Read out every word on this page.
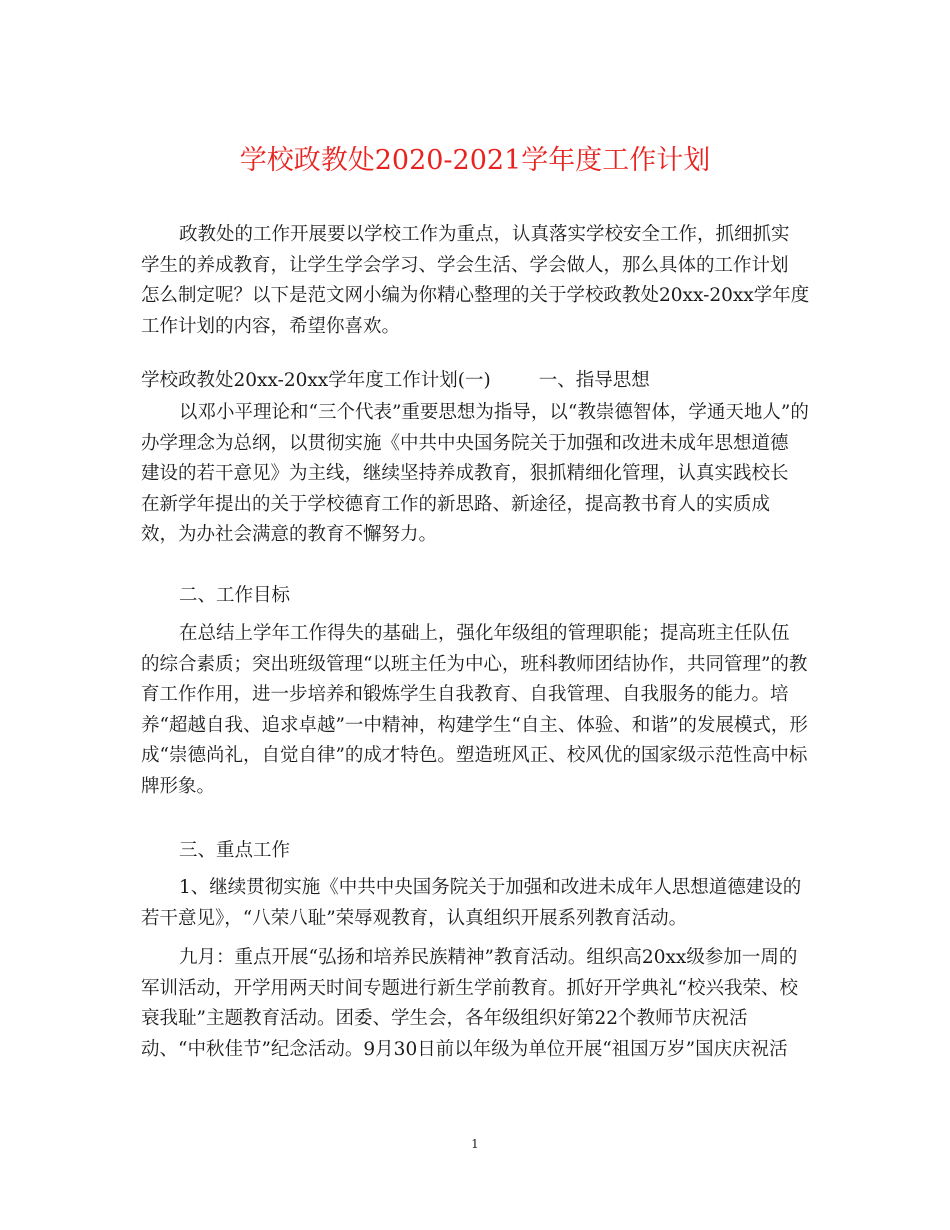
学校政教处2020-2021学年度工作计划
政教处的工作开展要以学校工作为重点，认真落实学校安全工作，抓细抓实
学生的养成教育，让学生学会学习、学会生活、学会做人，那么具体的工作计划
怎么制定呢？以下是范文网小编为你精心整理的关于学校政教处20xx-20xx学年度
工作计划的内容，希望你喜欢。
学校政教处20xx-20xx学年度工作计划(一)	一、指导思想
以邓小平理论和“三个代表”重要思想为指导，以“教崇德智体，学通天地人”的
办学理念为总纲，以贯彻实施《中共中央国务院关于加强和改进未成年思想道德
建设的若干意见》为主线，继续坚持养成教育，狠抓精细化管理，认真实践校长
在新学年提出的关于学校德育工作的新思路、新途径，提高教书育人的实质成
效，为办社会满意的教育不懈努力。
二、工作目标
在总结上学年工作得失的基础上，强化年级组的管理职能；提高班主任队伍
的综合素质；突出班级管理“以班主任为中心，班科教师团结协作，共同管理”的教
育工作作用，进一步培养和锻炼学生自我教育、自我管理、自我服务的能力。培
养“超越自我、追求卓越”一中精神，构建学生“自主、体验、和谐”的发展模式，形
成“崇德尚礼，自觉自律”的成才特色。塑造班风正、校风优的国家级示范性高中标
牌形象。
三、重点工作
1、继续贯彻实施《中共中央国务院关于加强和改进未成年人思想道德建设的
若干意见》，“八荣八耻”荣辱观教育，认真组织开展系列教育活动。
九月：重点开展“弘扬和培养民族精神”教育活动。组织高20xx级参加一周的
军训活动，开学用两天时间专题进行新生学前教育。抓好开学典礼“校兴我荣、校
衰我耻”主题教育活动。团委、学生会，各年级组织好第22个教师节庆祝活
动、“中秋佳节”纪念活动。9月30日前以年级为单位开展“祖国万岁”国庆庆祝活
1
